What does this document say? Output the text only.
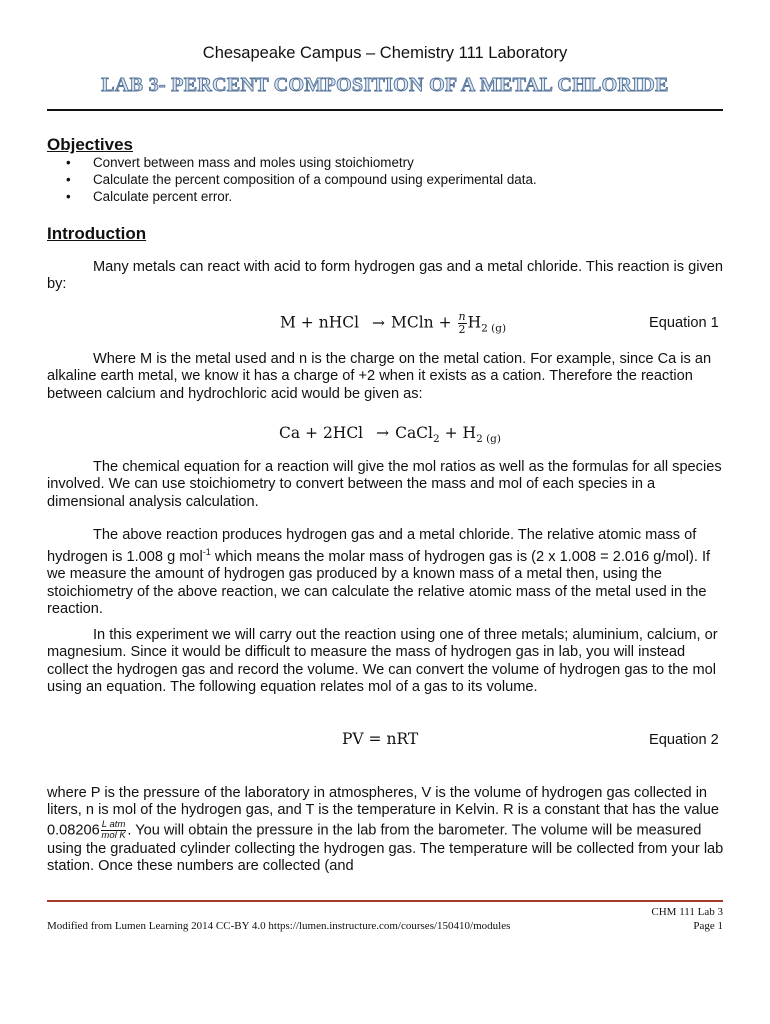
Chesapeake Campus – Chemistry 111 Laboratory
LAB 3- PERCENT COMPOSITION OF A METAL CHLORIDE
Objectives
• Convert between mass and moles using stoichiometry
• Calculate the percent composition of a compound using experimental data.
• Calculate percent error.
Introduction
Many metals can react with acid to form hydrogen gas and a metal chloride. This reaction is given by:
M + nHCl → $MCln + \frac{n}{2} H_{2 (g)}$	Equation 1
Where M is the metal used and n is the charge on the metal cation. For example, since Ca is an alkaline earth metal, we know it has a charge of +2 when it exists as a cation. Therefore the reaction between calcium and hydrochloric acid would be given as:
Ca + 2HCl → CaCl$_2$ + $H_{2 (g)}$
The chemical equation for a reaction will give the mol ratios as well as the formulas for all species involved. We can use stoichiometry to convert between the mass and mol of each species in a dimensional analysis calculation.
The above reaction produces hydrogen gas and a metal chloride. The relative atomic mass of hydrogen is 1.008 g mol$^{-1}$ which means the molar mass of hydrogen gas is (2 x 1.008 = 2.016 g/mol). If we measure the amount of hydrogen gas produced by a known mass of a metal then, using the stoichiometry of the above reaction, we can calculate the relative atomic mass of the metal used in the reaction.
In this experiment we will carry out the reaction using one of three metals; aluminium, calcium, or magnesium. Since it would be difficult to measure the mass of hydrogen gas in lab, you will instead collect the hydrogen gas and record the volume. We can convert the volume of hydrogen gas to the mol using an equation. The following equation relates mol of a gas to its volume.
PV = nRT	Equation 2
where P is the pressure of the laboratory in atmospheres, V is the volume of hydrogen gas collected in liters, n is mol of the hydrogen gas, and T is the temperature in Kelvin. R is a constant that has the value $0.08206 \frac{\text{L atm}}{\text{mol K}}$ . You will obtain the pressure in the lab from the barometer. The volume will be measured using the graduated cylinder collecting the hydrogen gas. The temperature will be collected from your lab station. Once these numbers are collected (and
Modified from Lumen Learning 2014 CC-BY 4.0 https://lumen.instructure.com/courses/150410/modules
CHM 111 Lab 3
Page 1
